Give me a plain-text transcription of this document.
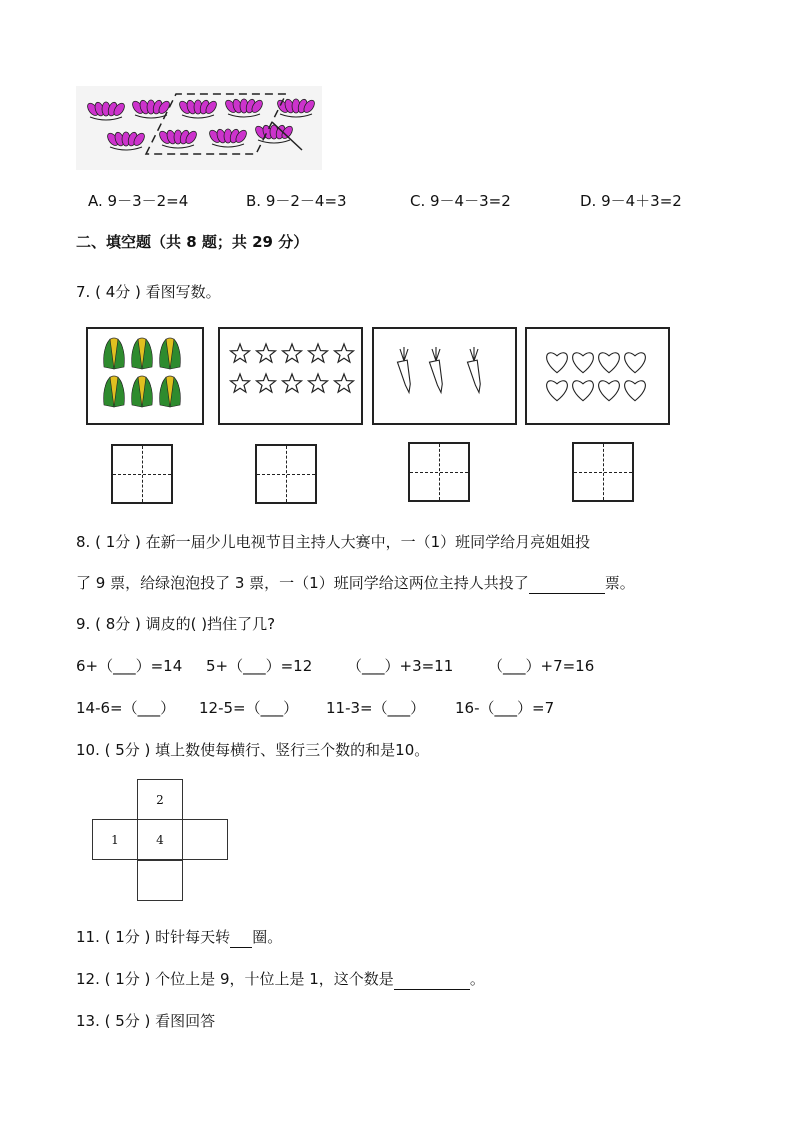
A. 9－3－2=4	B. 9－2－4=3	C. 9－4－3=2	D. 9－4＋3=2
二、填空题（共 8 题；共 29 分）
7. ( 4分 ) 看图写数。
8. ( 1分 ) 在新一届少儿电视节目主持人大赛中，一（1）班同学给月亮姐姐投
了 9 票，给绿泡泡投了 3 票，一（1）班同学给这两位主持人共投了	票。
9. ( 8分 ) 调皮的( )挡住了几?
6+（___）=14 5+（___）=12 （___）+3=11 （___）+7=16
14-6=（___） 12-5=（___） 11-3=（___） 16-（___）=7
10. ( 5分 ) 填上数使每横行、竖行三个数的和是10。
2
1	4
11. ( 1分 ) 时针每天转 圈。
12. ( 1分 ) 个位上是 9，十位上是 1，这个数是	。
13. ( 5分 ) 看图回答
